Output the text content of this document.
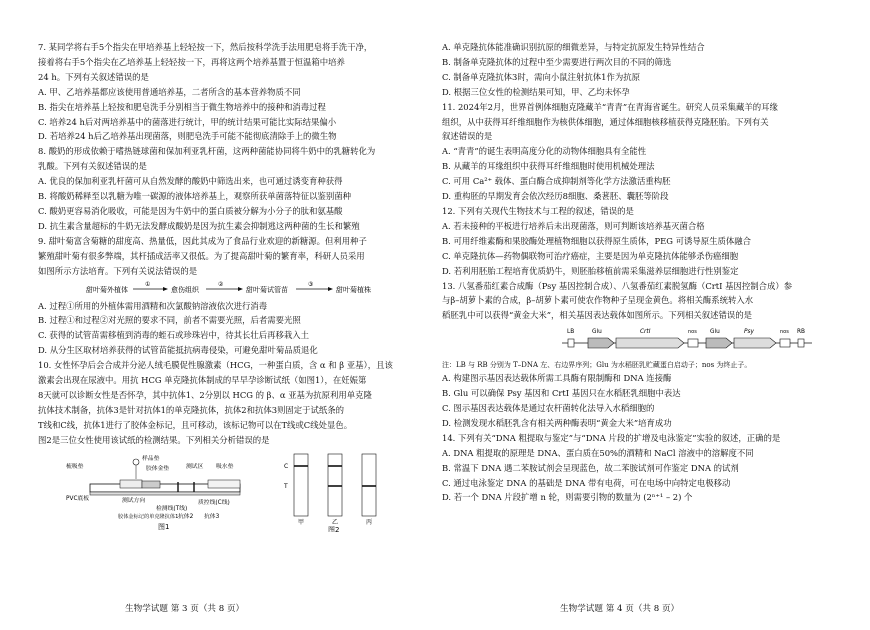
7. 某同学将右手5个指尖在甲培养基上轻轻按一下，然后按科学洗手法用肥皂将手洗干净，
接着将右手5个指尖在乙培养基上轻轻按一下，再将这两个培养基置于恒温箱中培养
24 h。下列有关叙述错误的是
A. 甲、乙培养基都应该使用普通培养基，二者所含的基本营养物质不同
B. 指尖在培养基上轻按和肥皂洗手分别相当于微生物培养中的接种和消毒过程
C. 培养24 h后对两培养基中的菌落进行统计，甲的统计结果可能比实际结果偏小
D. 若培养24 h后乙培养基出现菌落，则肥皂洗手可能不能彻底清除手上的微生物
8. 酸奶的形成依赖于嗜热链球菌和保加利亚乳杆菌，这两种菌能协同将牛奶中的乳糖转化为
乳酸。下列有关叙述错误的是
A. 优良的保加利亚乳杆菌可从自然发酵的酸奶中筛选出来，也可通过诱变育种获得
B. 将酸奶稀释至以乳糖为唯一碳源的液体培养基上，观察所获单菌落特征以鉴别菌种
C. 酸奶更容易消化吸收，可能是因为牛奶中的蛋白质被分解为小分子的肽和氨基酸
D. 抗生素含量超标的牛奶无法发酵成酸奶是因为抗生素会抑制逃这两种菌的生长和繁殖
9. 甜叶菊富含菊糖的甜度高、热量低，因此其成为了食品行业欢迎的新糖源。但利用种子
繁殖甜叶菊有很多弊端，其杆插成活率又很低。为了提高甜叶菊的繁育率，科研人员采用
如图所示方法培育。下列有关说法错误的是
甜叶菊外植体
①
愈伤组织
②
甜叶菊试管苗
③
甜叶菊植株
A. 过程①所用的外植体需用酒精和次氯酸钠溶液依次进行消毒
B. 过程①和过程②对光照的要求不同，前者不需要光照，后者需要光照
C. 获得的试管苗需移植到消毒的蛭石或珍珠岩中，待其长壮后再移栽入土
D. 从分生区取材培养获得的试管苗能抵抗病毒侵染，可避免甜叶菊品质退化
10. 女性怀孕后会合成并分泌人绒毛膜促性腺激素（HCG，一种蛋白质，含 α 和 β 亚基），且该
激素会出现在尿液中。用抗 HCG 单克隆抗体制成的早早孕诊断试纸（如图1），在妊娠第
8天就可以诊断女性是否怀孕，其中抗体1、2分别以 HCG 的 β、α 亚基为抗原利用单克隆
抗体技术制备，抗体3是针对抗体1的单克隆抗体，抗体2和抗体3则固定于试纸条的
T线和C线，抗体1进行了胶体金标记，且可移动，该标记物可以在T线或C线处显色。
图2是三位女性使用该试纸的检测结果。下列相关分析错误的是
梳吸垫
样品垫
胶体金垫	测试区 吸水垫
PVC底板	测试方向
检测线(T线)
质控线(C线)
胶体金标记的单克隆抗体1 抗体2 抗体3
图1
C
T
甲	乙	丙
图2
生物学试题 第 3 页（共 8 页）
A. 单克隆抗体能准确识别抗原的细微差异，与特定抗原发生特异性结合
B. 制备单克隆抗体的过程中至少需要进行两次目的不同的筛选
C. 制备单克隆抗体3时，需向小鼠注射抗体1作为抗原
D. 根据三位女性的检测结果可知，甲、乙均未怀孕
11. 2024年2月，世界首例体细胞克隆藏羊“青青”在青海省诞生。研究人员采集藏羊的耳缘
组织，从中获得耳纤维细胞作为核供体细胞，通过体细胞核移植获得克隆胚胎。下列有关
叙述错误的是
A. “青青”的诞生表明高度分化的动物体细胞具有全能性
B. 从藏羊的耳缘组织中获得耳纤维细胞时使用机械处理法
C. 可用 Ca²⁺ 载体、蛋白酶合成抑制剂等化学方法激活重构胚
D. 重构胚的早期发育会依次经历8细胞、桑葚胚、囊胚等阶段
12. 下列有关现代生物技术与工程的叙述，错误的是
A. 若未接种的平板进行培养后未出现菌落，则可判断该培养基灭菌合格
B. 可用纤维素酶和果胶酶处理植物细胞以获得原生质体，PEG 可诱导原生质体融合
C. 单克隆抗体—药物偶联物可治疗癌症，主要是因为单克隆抗体能够杀伤癌细胞
D. 若利用胚胎工程培育优质奶牛，则胚胎移植前需采集滋养层细胞进行性别鉴定
13. 八氢番茄红素合成酶（Psy 基因控制合成）、八氢番茄红素脱氢酶（CrtI 基因控制合成）参
与β–胡萝卜素的合成，β–胡萝卜素可使农作物种子呈现金黄色。将相关酶系统转入水
稻胚乳中可以获得“黄金大米”，相关基因表达载体如图所示。下列相关叙述错误的是
LB	Glu	CrtI	nos Glu	Psy	nos RB
注：LB 与 RB 分别为 T–DNA 左、右边界序列；Glu 为水稻胚乳贮藏蛋白启动子；nos 为终止子。
A. 构建图示基因表达载体所需工具酶有限制酶和 DNA 连接酶
B. Glu 可以确保 Psy 基因和 CrtI 基因只在水稻胚乳细胞中表达
C. 图示基因表达载体是通过农杆菌转化法导入水稻细胞的
D. 检测发现水稻胚乳含有相关两种酶表明“黄金大米”培育成功
14. 下列有关“DNA 粗提取与鉴定”与“DNA 片段的扩增及电泳鉴定”实验的叙述，正确的是
A. DNA 粗提取的原理是 DNA、蛋白质在50%的酒精和 NaCl 溶液中的溶解度不同
B. 常温下 DNA 遇二苯胺试剂会呈现蓝色，故二苯胺试剂可作鉴定 DNA 的试剂
C. 通过电泳鉴定 DNA 的基础是 DNA 带有电荷，可在电场中向特定电极移动
D. 若一个 DNA 片段扩增 n 轮，则需要引物的数量为 (2ⁿ⁺¹ – 2) 个
生物学试题 第 4 页（共 8 页）
